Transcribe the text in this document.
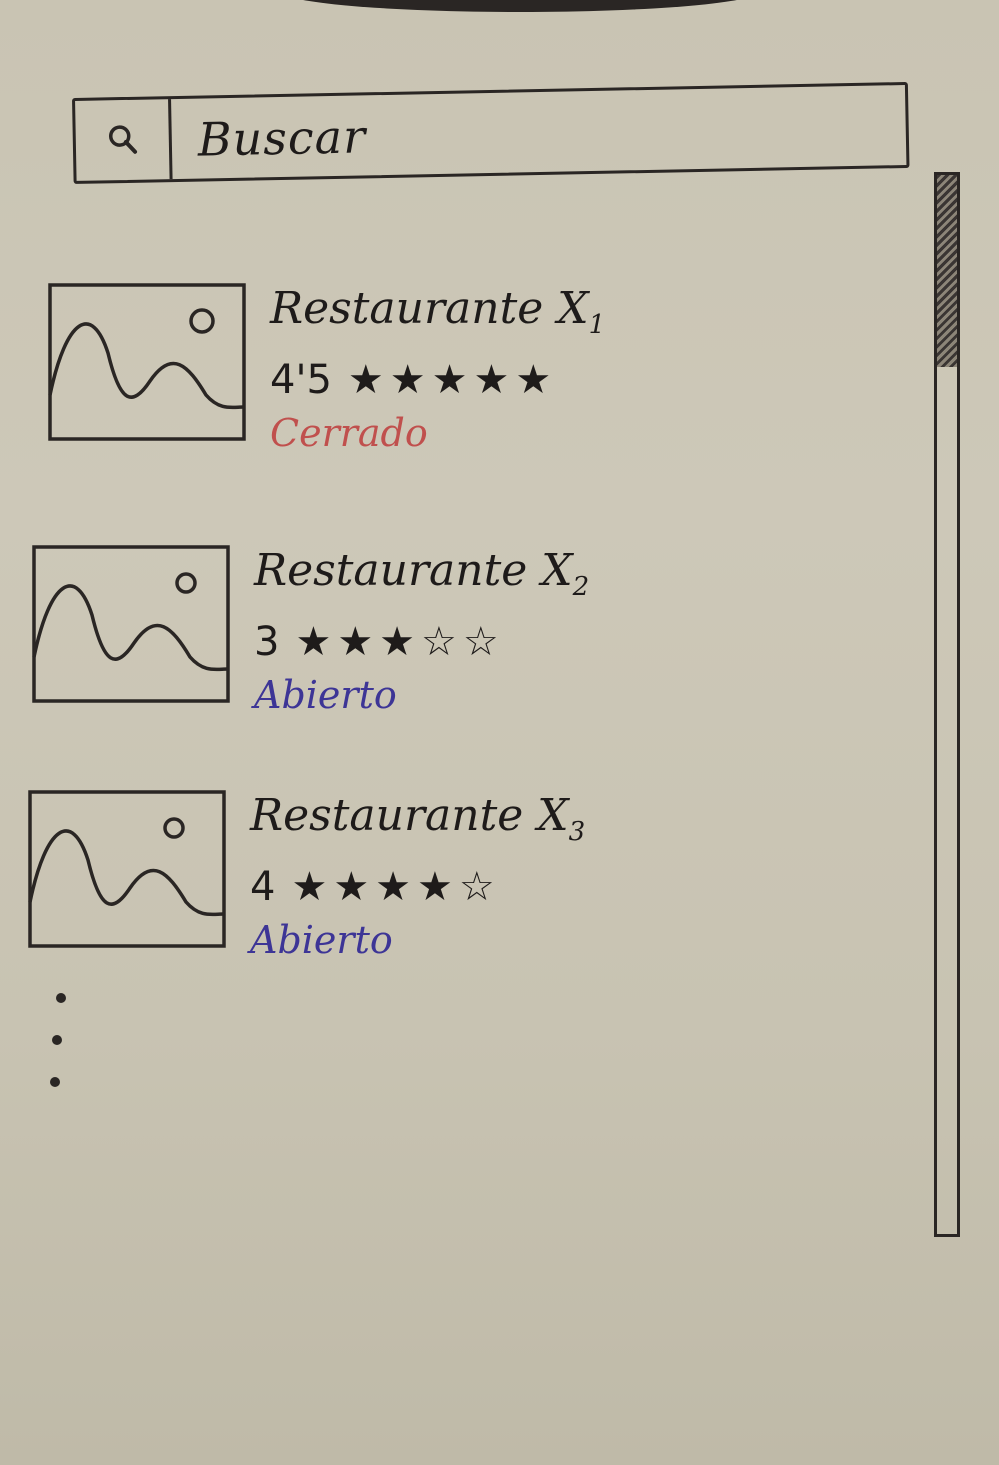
Buscar
Restaurante $X_1$
4'5 ★ ★ ★ ★ ★
Cerrado
Restaurante $X_2$
3 ★ ★ ★ ☆ ☆
Abierto
Restaurante $X_3$
4 ★ ★ ★ ★ ☆
Abierto
